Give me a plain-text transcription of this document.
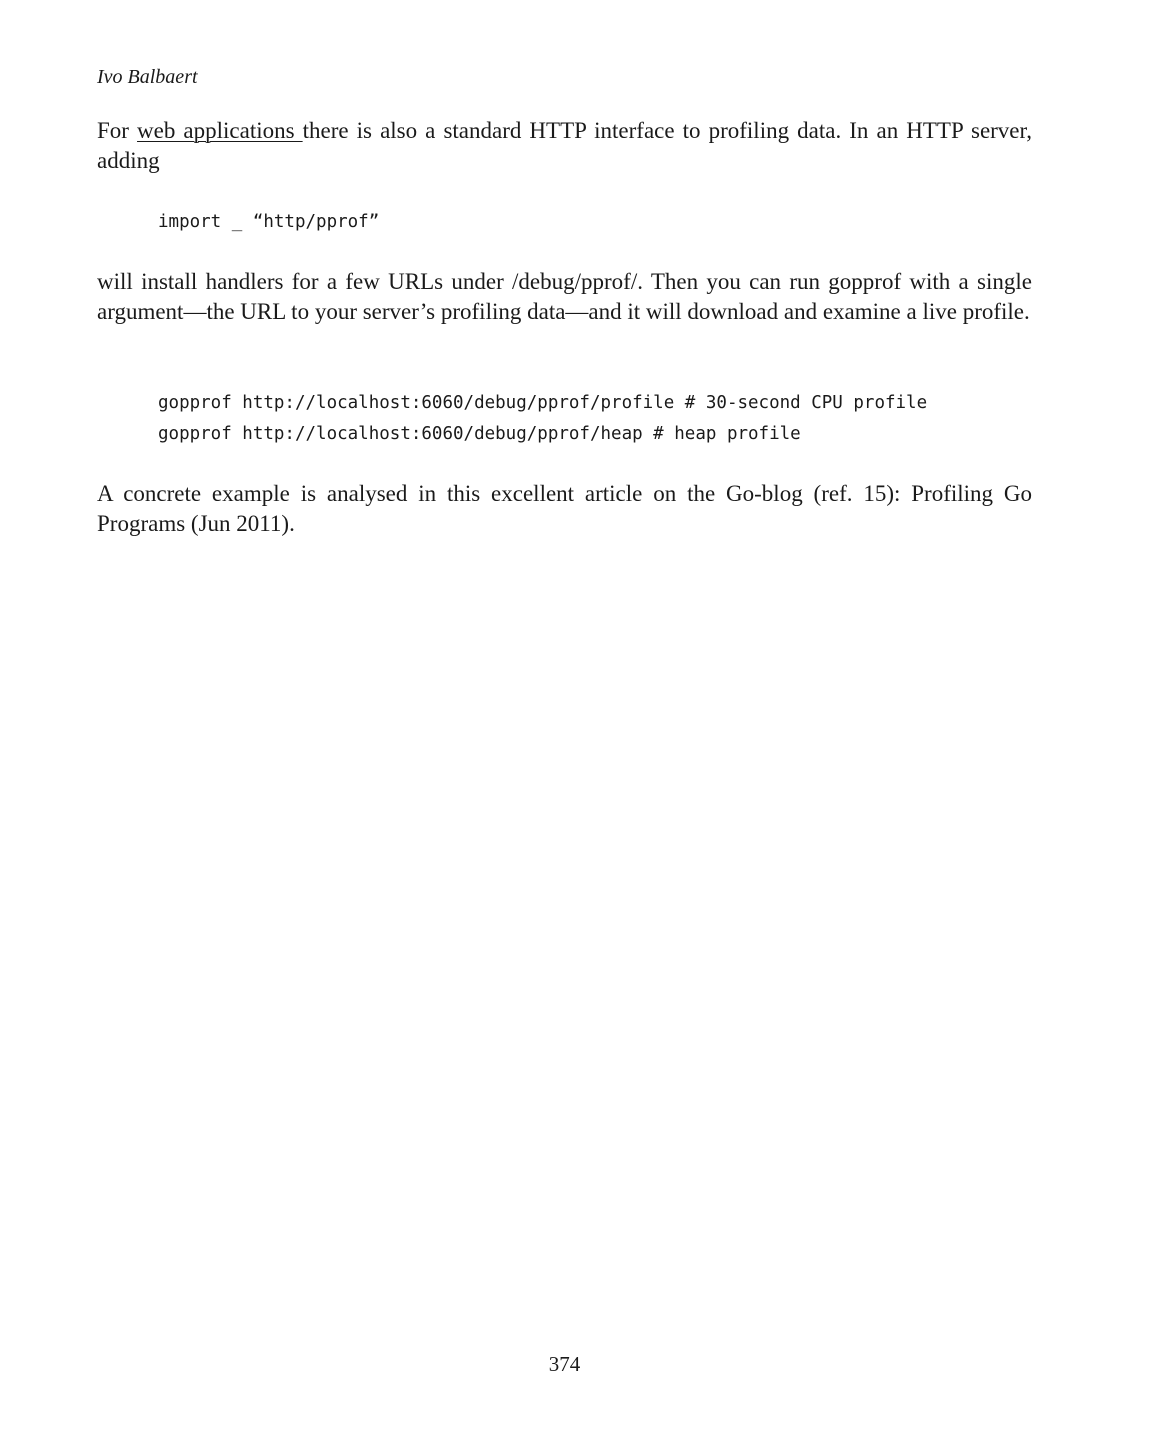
Ivo Balbaert

For web applications there is also a standard HTTP interface to profiling data. In an HTTP server, adding

import _ “http/pprof”

will install handlers for a few URLs under /debug/pprof/. Then you can run gopprof with a single argument—the URL to your server’s profiling data—and it will download and examine a live profile.

gopprof http://localhost:6060/debug/pprof/profile # 30-second CPU profile
gopprof http://localhost:6060/debug/pprof/heap # heap profile

A concrete example is analysed in this excellent article on the Go-blog (ref. 15): Profiling Go Programs (Jun 2011).

374
